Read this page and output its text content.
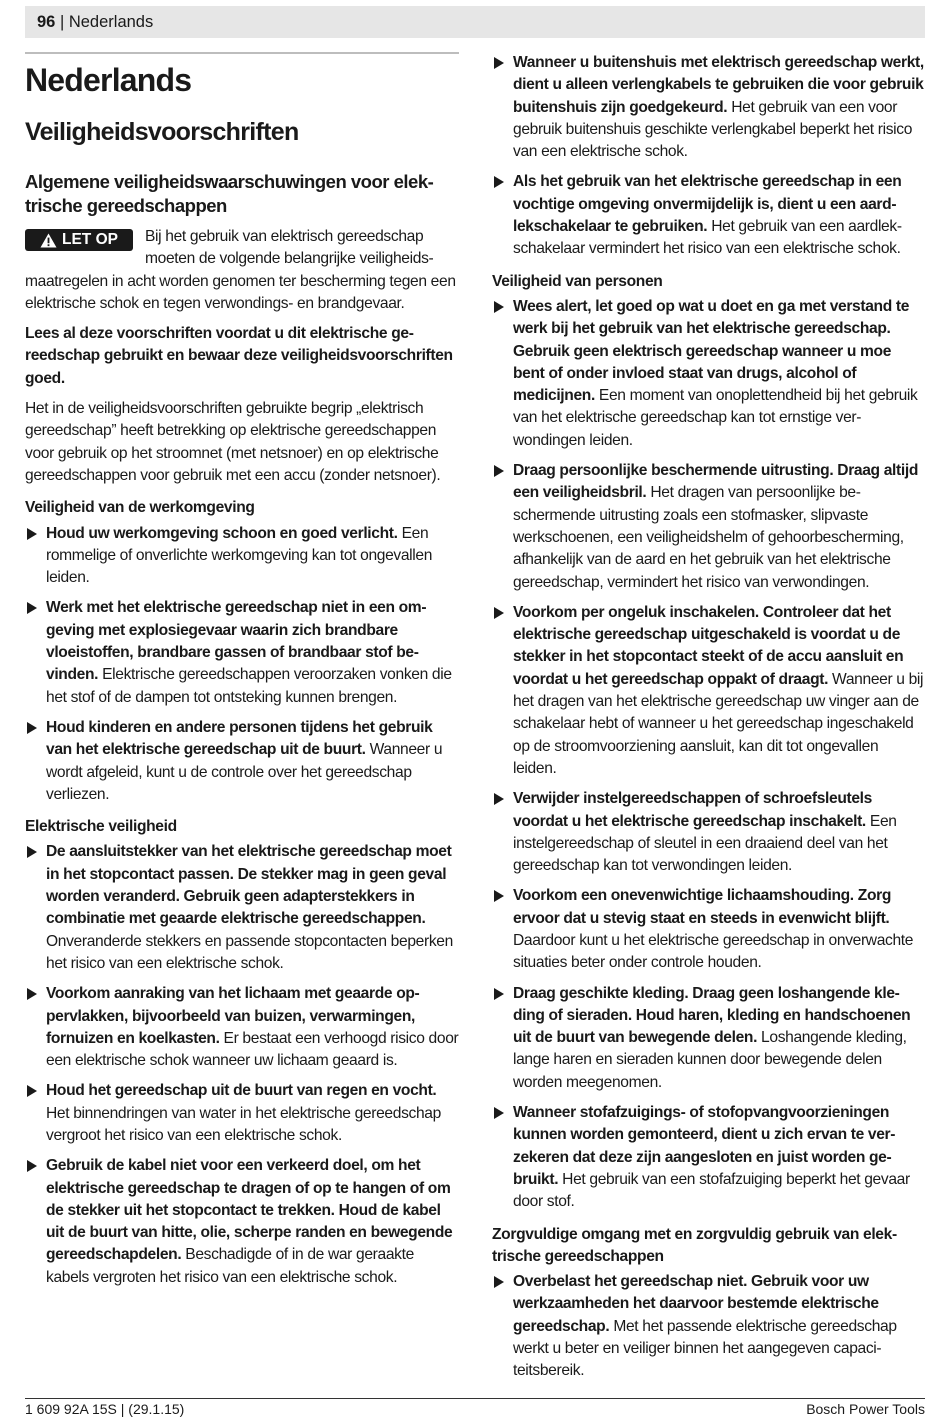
96 | Nederlands
Nederlands
Veiligheidsvoorschriften
Algemene veiligheidswaarschuwingen voor elektrische gereedschappen
LET OP	Bij het gebruik van elektrisch gereedschap moeten de volgende belangrijke veiligheidsmaatregelen in acht worden genomen ter bescherming tegen een elektrische schok en tegen verwondings- en brandgevaar.

Lees al deze voorschriften voordat u dit elektrische gereedschap gebruikt en bewaar deze veiligheidsvoorschriften goed.

Het in de veiligheidsvoorschriften gebruikte begrip „elektrisch gereedschap” heeft betrekking op elektrische gereedschappen voor gebruik op het stroomnet (met netsnoer) en op elektrische gereedschappen voor gebruik met een accu (zonder netsnoer).

Veiligheid van de werkomgeving
Houd uw werkomgeving schoon en goed verlicht. Een rommelige of onverlichte werkomgeving kan tot ongevallen leiden.
Werk met het elektrische gereedschap niet in een omgeving met explosiegevaar waarin zich brandbare vloeistoffen, brandbare gassen of brandbaar stof bevinden. Elektrische gereedschappen veroorzaken vonken die het stof of de dampen tot ontsteking kunnen brengen.
Houd kinderen en andere personen tijdens het gebruik van het elektrische gereedschap uit de buurt. Wanneer u wordt afgeleid, kunt u de controle over het gereedschap verliezen.
Elektrische veiligheid
De aansluitstekker van het elektrische gereedschap moet in het stopcontact passen. De stekker mag in geen geval worden veranderd. Gebruik geen adapterstekkers in combinatie met geaarde elektrische gereedschappen. Onveranderde stekkers en passende stopcontacten beperken het risico van een elektrische schok.
Voorkom aanraking van het lichaam met geaarde oppervlakken, bijvoorbeeld van buizen, verwarmingen, fornuizen en koelkasten. Er bestaat een verhoogd risico door een elektrische schok wanneer uw lichaam geaard is.
Houd het gereedschap uit de buurt van regen en vocht. Het binnendringen van water in het elektrische gereedschap vergroot het risico van een elektrische schok.
Gebruik de kabel niet voor een verkeerd doel, om het elektrische gereedschap te dragen of op te hangen of om de stekker uit het stopcontact te trekken. Houd de kabel uit de buurt van hitte, olie, scherpe randen en bewegende gereedschapdelen. Beschadigde of in de war geraakte kabels vergroten het risico van een elektrische schok.
Wanneer u buitenshuis met elektrisch gereedschap werkt, dient u alleen verlengkabels te gebruiken die voor gebruik buitenshuis zijn goedgekeurd. Het gebruik van een voor gebruik buitenshuis geschikte verlengkabel beperkt het risico van een elektrische schok.
Als het gebruik van het elektrische gereedschap in een vochtige omgeving onvermijdelijk is, dient u een aardlekschakelaar te gebruiken. Het gebruik van een aardlekschakelaar vermindert het risico van een elektrische schok.
Veiligheid van personen
Wees alert, let goed op wat u doet en ga met verstand te werk bij het gebruik van het elektrische gereedschap. Gebruik geen elektrisch gereedschap wanneer u moe bent of onder invloed staat van drugs, alcohol of medicijnen. Een moment van onoplettendheid bij het gebruik van het elektrische gereedschap kan tot ernstige verwondingen leiden.
Draag persoonlijke beschermende uitrusting. Draag altijd een veiligheidsbril. Het dragen van persoonlijke beschermende uitrusting zoals een stofmasker, slipvaste werkschoenen, een veiligheidshelm of gehoorbescherming, afhankelijk van de aard en het gebruik van het elektrische gereedschap, vermindert het risico van verwondingen.
Voorkom per ongeluk inschakelen. Controleer dat het elektrische gereedschap uitgeschakeld is voordat u de stekker in het stopcontact steekt of de accu aansluit en voordat u het gereedschap oppakt of draagt. Wanneer u bij het dragen van het elektrische gereedschap uw vinger aan de schakelaar hebt of wanneer u het gereedschap ingeschakeld op de stroomvoorziening aansluit, kan dit tot ongevallen leiden.
Verwijder instelgereedschappen of schroefsleutels voordat u het elektrische gereedschap inschakelt. Een instelgereedschap of sleutel in een draaiend deel van het gereedschap kan tot verwondingen leiden.
Voorkom een onevenwichtige lichaamshouding. Zorg ervoor dat u stevig staat en steeds in evenwicht blijft. Daardoor kunt u het elektrische gereedschap in onverwachte situaties beter onder controle houden.
Draag geschikte kleding. Draag geen loshangende kleding of sieraden. Houd haren, kleding en handschoenen uit de buurt van bewegende delen. Loshangende kleding, lange haren en sieraden kunnen door bewegende delen worden meegenomen.
Wanneer stofafzuigings- of stofopvangvoorzieningen kunnen worden gemonteerd, dient u zich ervan te verzekeren dat deze zijn aangesloten en juist worden gebruikt. Het gebruik van een stofafzuiging beperkt het gevaar door stof.
Zorgvuldige omgang met en zorgvuldig gebruik van elektrische gereedschappen
Overbelast het gereedschap niet. Gebruik voor uw werkzaamheden het daarvoor bestemde elektrische gereedschap. Met het passende elektrische gereedschap werkt u beter en veiliger binnen het aangegeven capaciteitsbereik.
1 609 92A 15S | (29.1.15)	Bosch Power Tools
